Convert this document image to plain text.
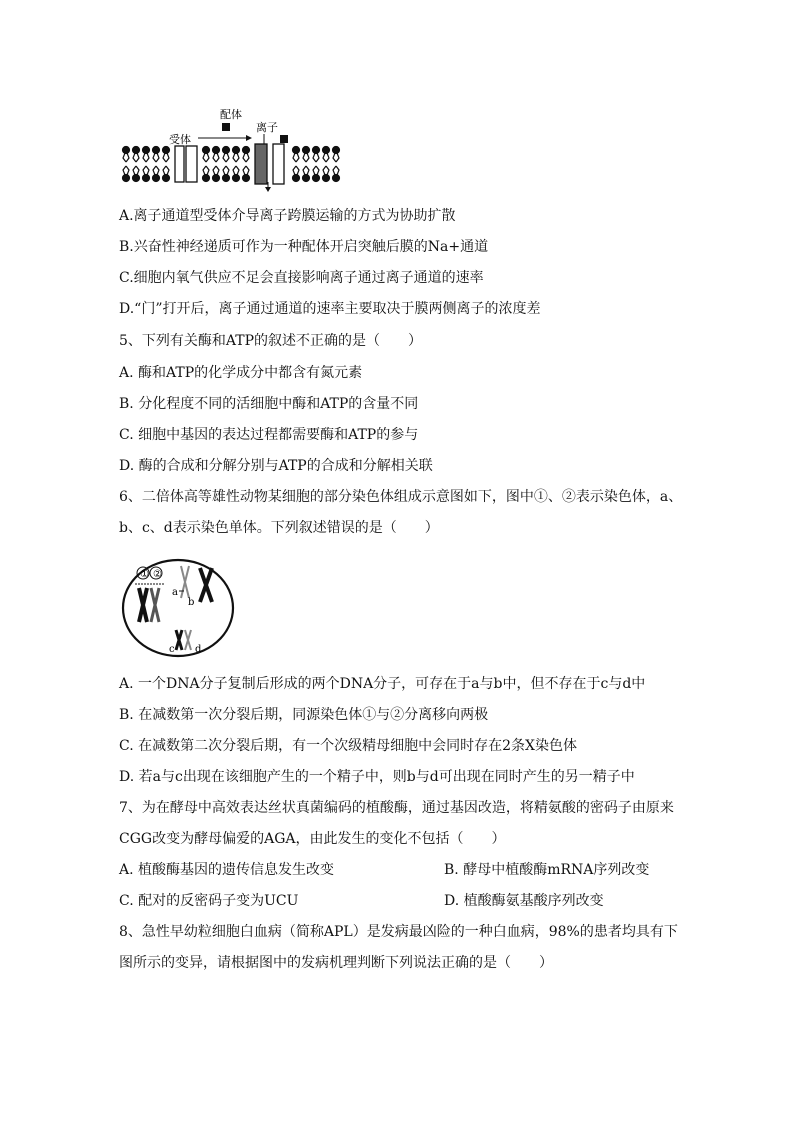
配体
受体
离子
A.离子通道型受体介导离子跨膜运输的方式为协助扩散
B.兴奋性神经递质可作为一种配体开启突触后膜的Na+通道
C.细胞内氧气供应不足会直接影响离子通过离子通道的速率
D.“门”打开后，离子通过通道的速率主要取决于膜两侧离子的浓度差
5、下列有关酶和ATP的叙述不正确的是（　　）
A. 酶和ATP的化学成分中都含有氮元素
B. 分化程度不同的活细胞中酶和ATP的含量不同
C. 细胞中基因的表达过程都需要酶和ATP的参与
D. 酶的合成和分解分别与ATP的合成和分解相关联
6、二倍体高等雄性动物某细胞的部分染色体组成示意图如下，图中①、②表示染色体，a、
b、c、d表示染色单体。下列叙述错误的是（　　）
① ②
a
b
c d
A. 一个DNA分子复制后形成的两个DNA分子，可存在于a与b中，但不存在于c与d中
B. 在减数第一次分裂后期，同源染色体①与②分离移向两极
C. 在减数第二次分裂后期，有一个次级精母细胞中会同时存在2条X染色体
D. 若a与c出现在该细胞产生的一个精子中，则b与d可出现在同时产生的另一精子中
7、为在酵母中高效表达丝状真菌编码的植酸酶，通过基因改造，将精氨酸的密码子由原来
CGG改变为酵母偏爱的AGA，由此发生的变化不包括（　　）
A. 植酸酶基因的遗传信息发生改变	B. 酵母中植酸酶mRNA序列改变
C. 配对的反密码子变为UCU	D. 植酸酶氨基酸序列改变
8、急性早幼粒细胞白血病（简称APL）是发病最凶险的一种白血病，98%的患者均具有下
图所示的变异，请根据图中的发病机理判断下列说法正确的是（　　）
